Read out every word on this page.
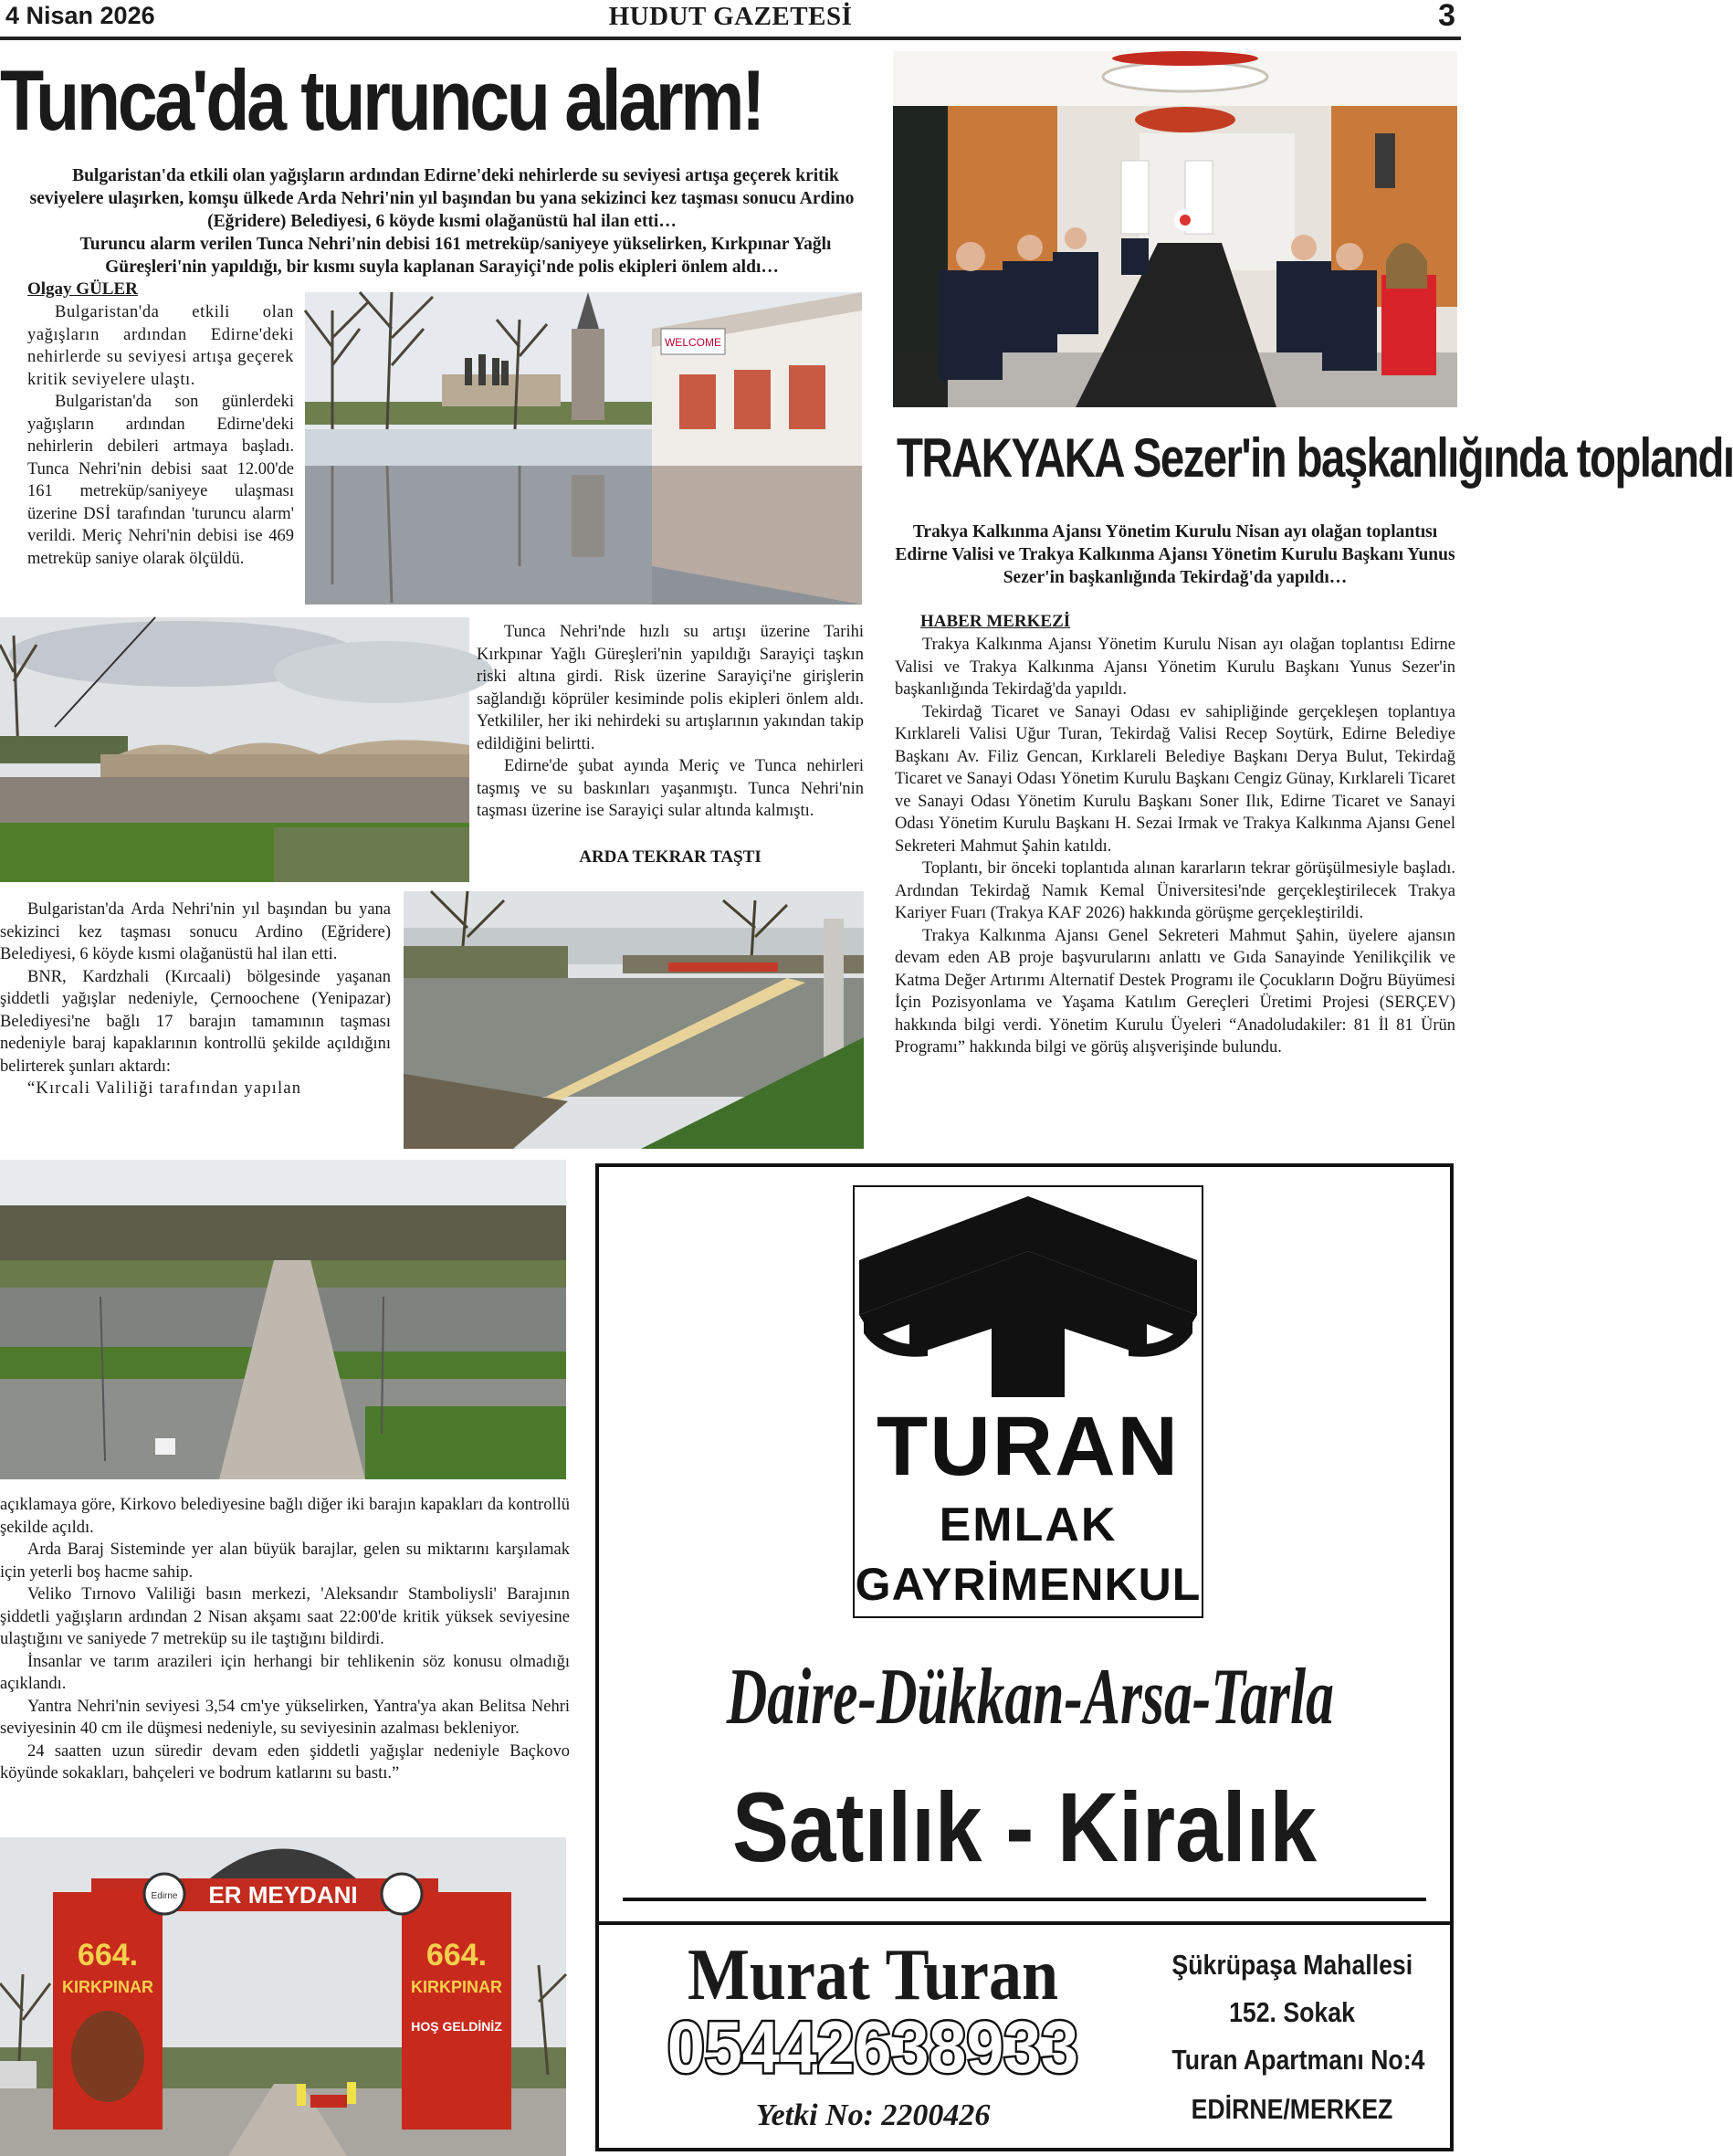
4 Nisan 2026	HUDUT GAZETESİ	3
Tunca'da turuncu alarm!

Bulgaristan'da etkili olan yağışların ardından Edirne'deki nehirlerde su seviyesi artışa geçerek kritik seviyelere ulaşırken, komşu ülkede Arda Nehri'nin yıl başından bu yana sekizinci kez taşması sonucu Ardino (Eğridere) Belediyesi, 6 köyde kısmi olağanüstü hal ilan etti…

Turuncu alarm verilen Tunca Nehri'nin debisi 161 metreküp/saniyeye yükselirken, Kırkpınar Yağlı Güreşleri'nin yapıldığı, bir kısmı suyla kaplanan Sarayiçi'nde polis ekipleri önlem aldı…

Olgay GÜLER

Bulgaristan'da etkili olan yağışların ardından Edirne'deki nehirlerde su seviyesi artışa geçerek kritik seviyelere ulaştı.

Bulgaristan'da son günlerdeki yağışların ardından Edirne'deki nehirlerin debileri artmaya başladı. Tunca Nehri'nin debisi saat 12.00'de 161 metreküp/saniyeye ulaşması üzerine DSİ tarafından 'turuncu alarm' verildi. Meriç Nehri'nin debisi ise 469 metreküp saniye olarak ölçüldü.

WELCOME

Tunca Nehri'nde hızlı su artışı üzerine Tarihi Kırkpınar Yağlı Güreşleri'nin yapıldığı Sarayiçi taşkın riski altına girdi. Risk üzerine Sarayiçi'ne girişlerin sağlandığı köprüler kesiminde polis ekipleri önlem aldı. Yetkililer, her iki nehirdeki su artışlarının yakından takip edildiğini belirtti.

Edirne'de şubat ayında Meriç ve Tunca nehirleri taşmış ve su baskınları yaşanmıştı. Tunca Nehri'nin taşması üzerine ise Sarayiçi sular altında kalmıştı.

ARDA TEKRAR TAŞTI

Bulgaristan'da Arda Nehri'nin yıl başından bu yana sekizinci kez taşması sonucu Ardino (Eğridere) Belediyesi, 6 köyde kısmi olağanüstü hal ilan etti.

BNR, Kardzhali (Kırcaali) bölgesinde yaşanan şiddetli yağışlar nedeniyle, Çernoochene (Yenipazar) Belediyesi'ne bağlı 17 barajın tamamının taşması nedeniyle baraj kapaklarının kontrollü şekilde açıldığını belirterek şunları aktardı:

“Kırcali Valiliği tarafından yapılan

açıklamaya göre, Kirkovo belediyesine bağlı diğer iki barajın kapakları da kontrollü şekilde açıldı.

Arda Baraj Sisteminde yer alan büyük barajlar, gelen su miktarını karşılamak için yeterli boş hacme sahip.

Veliko Tırnovo Valiliği basın merkezi, 'Aleksandır Stamboliysli' Barajının şiddetli yağışların ardından 2 Nisan akşamı saat 22:00'de kritik yüksek seviyesine ulaştığını ve saniyede 7 metreküp su ile taştığını bildirdi.

İnsanlar ve tarım arazileri için herhangi bir tehlikenin söz konusu olmadığı açıklandı.

Yantra Nehri'nin seviyesi 3,54 cm'ye yükselirken, Yantra'ya akan Belitsa Nehri seviyesinin 40 cm ile düşmesi nedeniyle, su seviyesinin azalması bekleniyor.

24 saatten uzun süredir devam eden şiddetli yağışlar nedeniyle Baçkovo köyünde sokakları, bahçeleri ve bodrum katlarını su bastı.”

ER MEYDANI
Edirne
664.
KIRKPINAR
664.
KIRKPINAR
HOŞ GELDİNİZ
TRAKYAKA Sezer'in başkanlığında toplandı
Trakya Kalkınma Ajansı Yönetim Kurulu Nisan ayı olağan toplantısı Edirne Valisi ve Trakya Kalkınma Ajansı Yönetim Kurulu Başkanı Yunus Sezer'in başkanlığında Tekirdağ'da yapıldı…
HABER MERKEZİ

Trakya Kalkınma Ajansı Yönetim Kurulu Nisan ayı olağan toplantısı Edirne Valisi ve Trakya Kalkınma Ajansı Yönetim Kurulu Başkanı Yunus Sezer'in başkanlığında Tekirdağ'da yapıldı.

Tekirdağ Ticaret ve Sanayi Odası ev sahipliğinde gerçekleşen toplantıya Kırklareli Valisi Uğur Turan, Tekirdağ Valisi Recep Soytürk, Edirne Belediye Başkanı Av. Filiz Gencan, Kırklareli Belediye Başkanı Derya Bulut, Tekirdağ Ticaret ve Sanayi Odası Yönetim Kurulu Başkanı Cengiz Günay, Kırklareli Ticaret ve Sanayi Odası Yönetim Kurulu Başkanı Soner Ilık, Edirne Ticaret ve Sanayi Odası Yönetim Kurulu Başkanı H. Sezai Irmak ve Trakya Kalkınma Ajansı Genel Sekreteri Mahmut Şahin katıldı.

Toplantı, bir önceki toplantıda alınan kararların tekrar görüşülmesiyle başladı. Ardından Tekirdağ Namık Kemal Üniversitesi'nde gerçekleştirilecek Trakya Kariyer Fuarı (Trakya KAF 2026) hakkında görüşme gerçekleştirildi.

Trakya Kalkınma Ajansı Genel Sekreteri Mahmut Şahin, üyelere ajansın devam eden AB proje başvurularını anlattı ve Gıda Sanayinde Yenilikçilik ve Katma Değer Artırımı Alternatif Destek Programı ile Çocukların Doğru Büyümesi İçin Pozisyonlama ve Yaşama Katılım Gereçleri Üretimi Projesi (SERÇEV) hakkında bilgi verdi. Yönetim Kurulu Üyeleri “Anadoludakiler: 81 İl 81 Ürün Programı” hakkında bilgi ve görüş alışverişinde bulundu.

TURAN
EMLAK
GAYRİMENKUL
Daire-Dükkan-Arsa-Tarla
Satılık - Kiralık
Murat Turan
05442638933
Yetki No: 2200426
Şükrüpaşa Mahallesi
152. Sokak
Turan Apartmanı No:4
EDİRNE/MERKEZ
